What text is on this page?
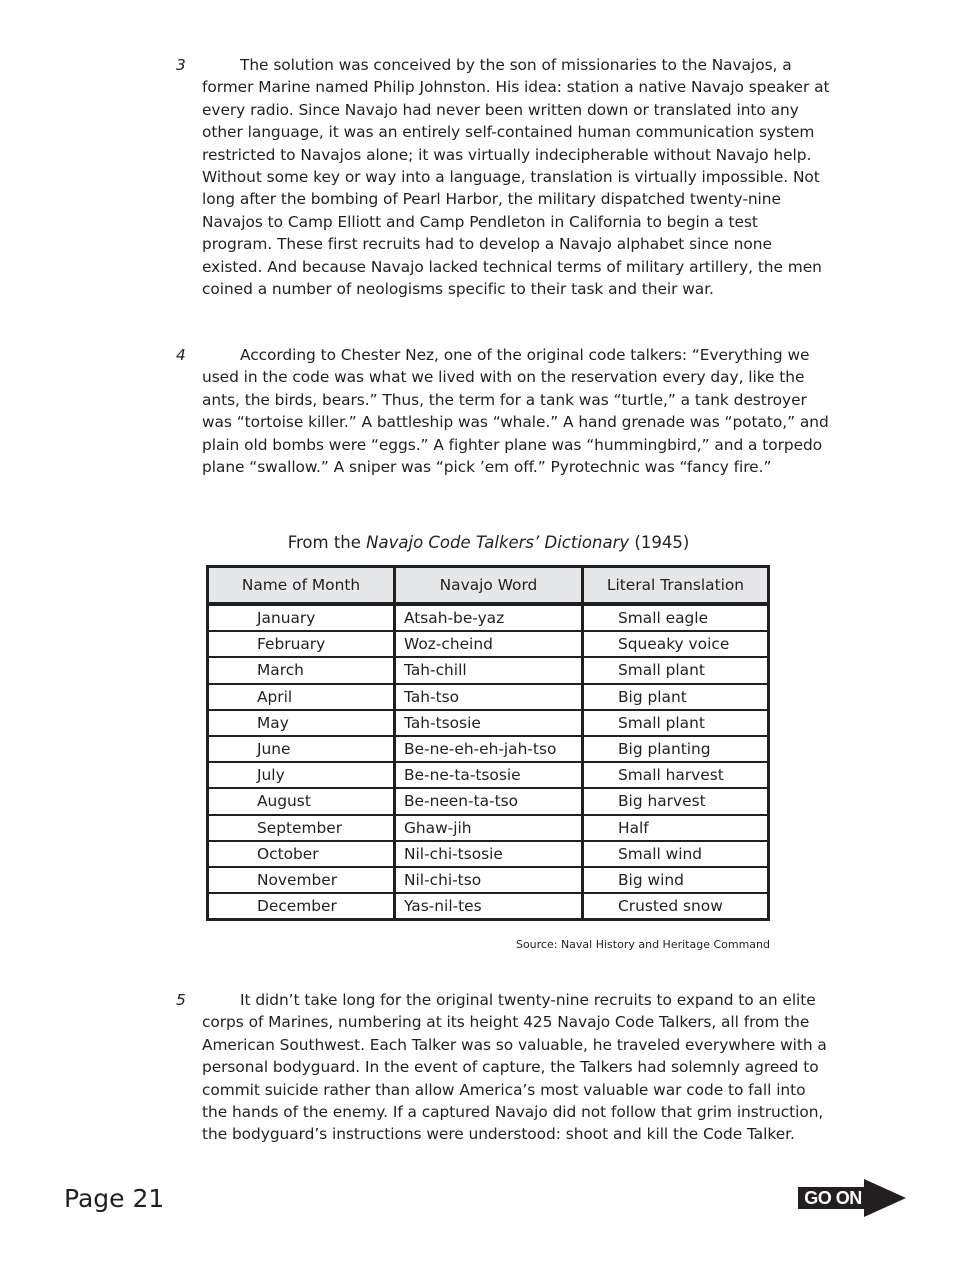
3	The solution was conceived by the son of missionaries to the Navajos, a former Marine named Philip Johnston. His idea: station a native Navajo speaker at every radio. Since Navajo had never been written down or translated into any other language, it was an entirely self-contained human communication system restricted to Navajos alone; it was virtually indecipherable without Navajo help. Without some key or way into a language, translation is virtually impossible. Not long after the bombing of Pearl Harbor, the military dispatched twenty-nine Navajos to Camp Elliott and Camp Pendleton in California to begin a test program. These first recruits had to develop a Navajo alphabet since none existed. And because Navajo lacked technical terms of military artillery, the men coined a number of neologisms specific to their task and their war.
4	According to Chester Nez, one of the original code talkers: “Everything we used in the code was what we lived with on the reservation every day, like the ants, the birds, bears.” Thus, the term for a tank was “turtle,” a tank destroyer was “tortoise killer.” A battleship was “whale.” A hand grenade was “potato,” and plain old bombs were “eggs.” A fighter plane was “hummingbird,” and a torpedo plane “swallow.” A sniper was “pick ’em off.” Pyrotechnic was “fancy fire.”
From the Navajo Code Talkers’ Dictionary (1945)
Name of Month	Navajo Word	Literal Translation
January	Atsah-be-yaz	Small eagle
February	Woz-cheind	Squeaky voice
March	Tah-chill	Small plant
April	Tah-tso	Big plant
May	Tah-tsosie	Small plant
June	Be-ne-eh-eh-jah-tso	Big planting
July	Be-ne-ta-tsosie	Small harvest
August	Be-neen-ta-tso	Big harvest
September	Ghaw-jih	Half
October	Nil-chi-tsosie	Small wind
November	Nil-chi-tso	Big wind
December	Yas-nil-tes	Crusted snow
Source: Naval History and Heritage Command
5	It didn’t take long for the original twenty-nine recruits to expand to an elite corps of Marines, numbering at its height 425 Navajo Code Talkers, all from the American Southwest. Each Talker was so valuable, he traveled everywhere with a personal bodyguard. In the event of capture, the Talkers had solemnly agreed to commit suicide rather than allow America’s most valuable war code to fall into the hands of the enemy. If a captured Navajo did not follow that grim instruction, the bodyguard’s instructions were understood: shoot and kill the Code Talker.
Page 21	GO ON
